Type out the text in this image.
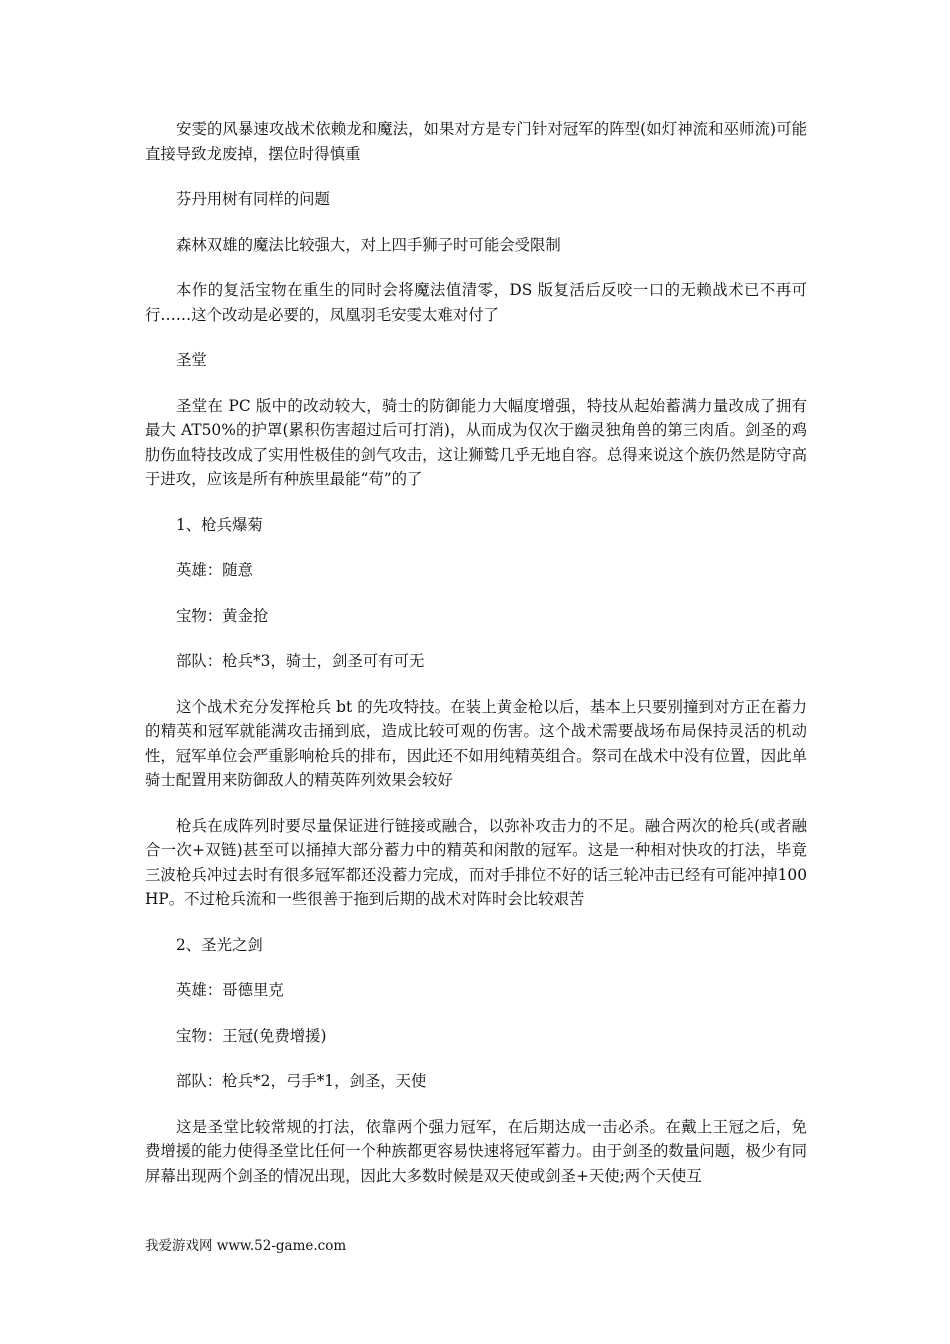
安雯的风暴速攻战术依赖龙和魔法，如果对方是专门针对冠军的阵型(如灯神流和巫师流)可能直接导致龙废掉，摆位时得慎重

芬丹用树有同样的问题

森林双雄的魔法比较强大，对上四手狮子时可能会受限制

本作的复活宝物在重生的同时会将魔法值清零，DS 版复活后反咬一口的无赖战术已不再可行……这个改动是必要的，凤凰羽毛安雯太难对付了

圣堂

圣堂在 PC 版中的改动较大，骑士的防御能力大幅度增强，特技从起始蓄满力量改成了拥有最大 AT50%的护罩(累积伤害超过后可打消)，从而成为仅次于幽灵独角兽的第三肉盾。剑圣的鸡肋伤血特技改成了实用性极佳的剑气攻击，这让狮鹫几乎无地自容。总得来说这个族仍然是防守高于进攻，应该是所有种族里最能“苟”的了

1、枪兵爆菊

英雄：随意

宝物：黄金抢

部队：枪兵*3，骑士，剑圣可有可无

这个战术充分发挥枪兵 bt 的先攻特技。在装上黄金枪以后，基本上只要别撞到对方正在蓄力的精英和冠军就能满攻击捅到底，造成比较可观的伤害。这个战术需要战场布局保持灵活的机动性，冠军单位会严重影响枪兵的排布，因此还不如用纯精英组合。祭司在战术中没有位置，因此单骑士配置用来防御敌人的精英阵列效果会较好

枪兵在成阵列时要尽量保证进行链接或融合，以弥补攻击力的不足。融合两次的枪兵(或者融合一次+双链)甚至可以捅掉大部分蓄力中的精英和闲散的冠军。这是一种相对快攻的打法，毕竟三波枪兵冲过去时有很多冠军都还没蓄力完成，而对手排位不好的话三轮冲击已经有可能冲掉100HP。不过枪兵流和一些很善于拖到后期的战术对阵时会比较艰苦

2、圣光之剑

英雄：哥德里克

宝物：王冠(免费增援)

部队：枪兵*2，弓手*1，剑圣，天使

这是圣堂比较常规的打法，依靠两个强力冠军，在后期达成一击必杀。在戴上王冠之后，免费增援的能力使得圣堂比任何一个种族都更容易快速将冠军蓄力。由于剑圣的数量问题，极少有同屏幕出现两个剑圣的情况出现，因此大多数时候是双天使或剑圣+天使;两个天使互

我爱游戏网 www.52-game.com
